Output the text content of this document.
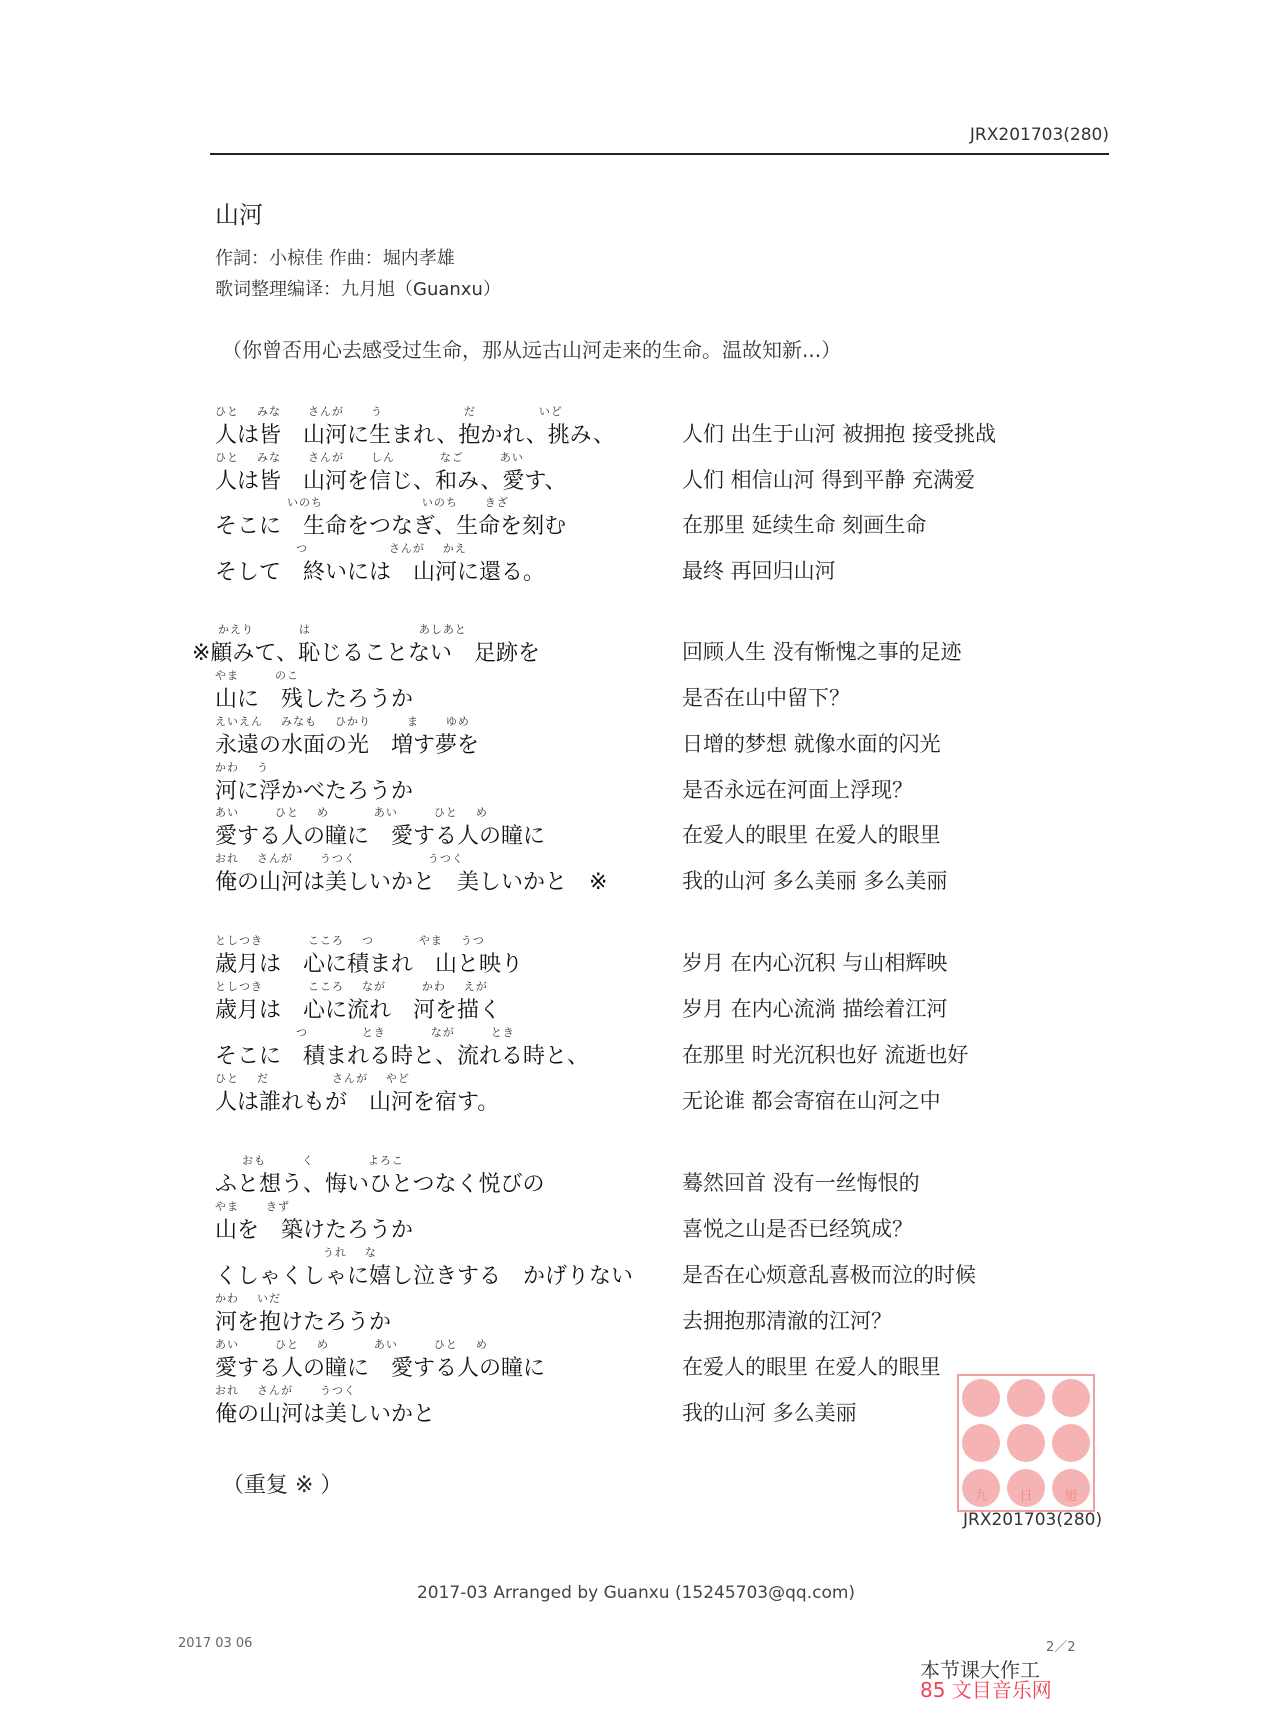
JRX201703(280)
山河
作詞：小椋佳 作曲：堀内孝雄
歌词整理编译：九月旭（Guanxu）
（你曾否用心去感受过生命，那从远古山河走来的生命。温故知新...）
ひと    みな      さんが      う                  だ              いど
人は皆　山河に生まれ、抱かれ、挑み、	人们 出生于山河 被拥抱 接受挑战
ひと    みな      さんが      しん          なご        あい
人は皆　山河を信じ、和み、愛す、	人们 相信山河 得到平静 充满爱
いのち                      いのち      きざ
そこに　生命をつなぎ、生命を刻む	在那里 延续生命 刻画生命
つ                  さんが    かえ
そして　終いには　山河に還る。	最终 再回归山河
かえり          は                        あしあと
※顧みて、恥じることない　足跡を	回顾人生 没有惭愧之事的足迹
やま        のこ
山に　残したろうか	是否在山中留下？
えいえん    みなも    ひかり        ま      ゆめ
永遠の水面の光　増す夢を	日增的梦想 就像水面的闪光
かわ    う
河に浮かべたろうか	是否永远在河面上浮现？
あい        ひと    め          あい        ひと    め
愛する人の瞳に　愛する人の瞳に	在爱人的眼里 在爱人的眼里
おれ    さんが      うつく                うつく
俺の山河は美しいかと　美しいかと　※	我的山河 多么美丽 多么美丽
としつき          こころ    つ          やま    うつ
歳月は　心に積まれ　山と映り	岁月 在内心沉积 与山相辉映
としつき          こころ    なが        かわ    えが
歳月は　心に流れ　河を描く	岁月 在内心流淌 描绘着江河
つ            とき          なが        とき
そこに　積まれる時と、流れる時と、	在那里 时光沉积也好 流逝也好
ひと    だ              さんが    やど
人は誰れもが　山河を宿す。	无论谁 都会寄宿在山河之中
おも        く            よろこ
ふと想う、悔いひとつなく悦びの	蓦然回首 没有一丝悔恨的
やま      きず
山を　築けたろうか	喜悦之山是否已经筑成？
うれ    な
くしゃくしゃに嬉し泣きする　かげりない 是否在心烦意乱喜极而泣的时候
かわ    いだ
河を抱けたろうか	去拥抱那清澈的江河？
あい        ひと    め          あい        ひと    め
愛する人の瞳に　愛する人の瞳に	在爱人的眼里 在爱人的眼里
おれ    さんが      うつく
俺の山河は美しいかと	我的山河 多么美丽
（重复 ※ ）	九 日 旭
JRX201703(280)
2017-03 Arranged by Guanxu (15245703@qq.com)
2017 03 06	2／2
本节课大作工
85 文目音乐网
